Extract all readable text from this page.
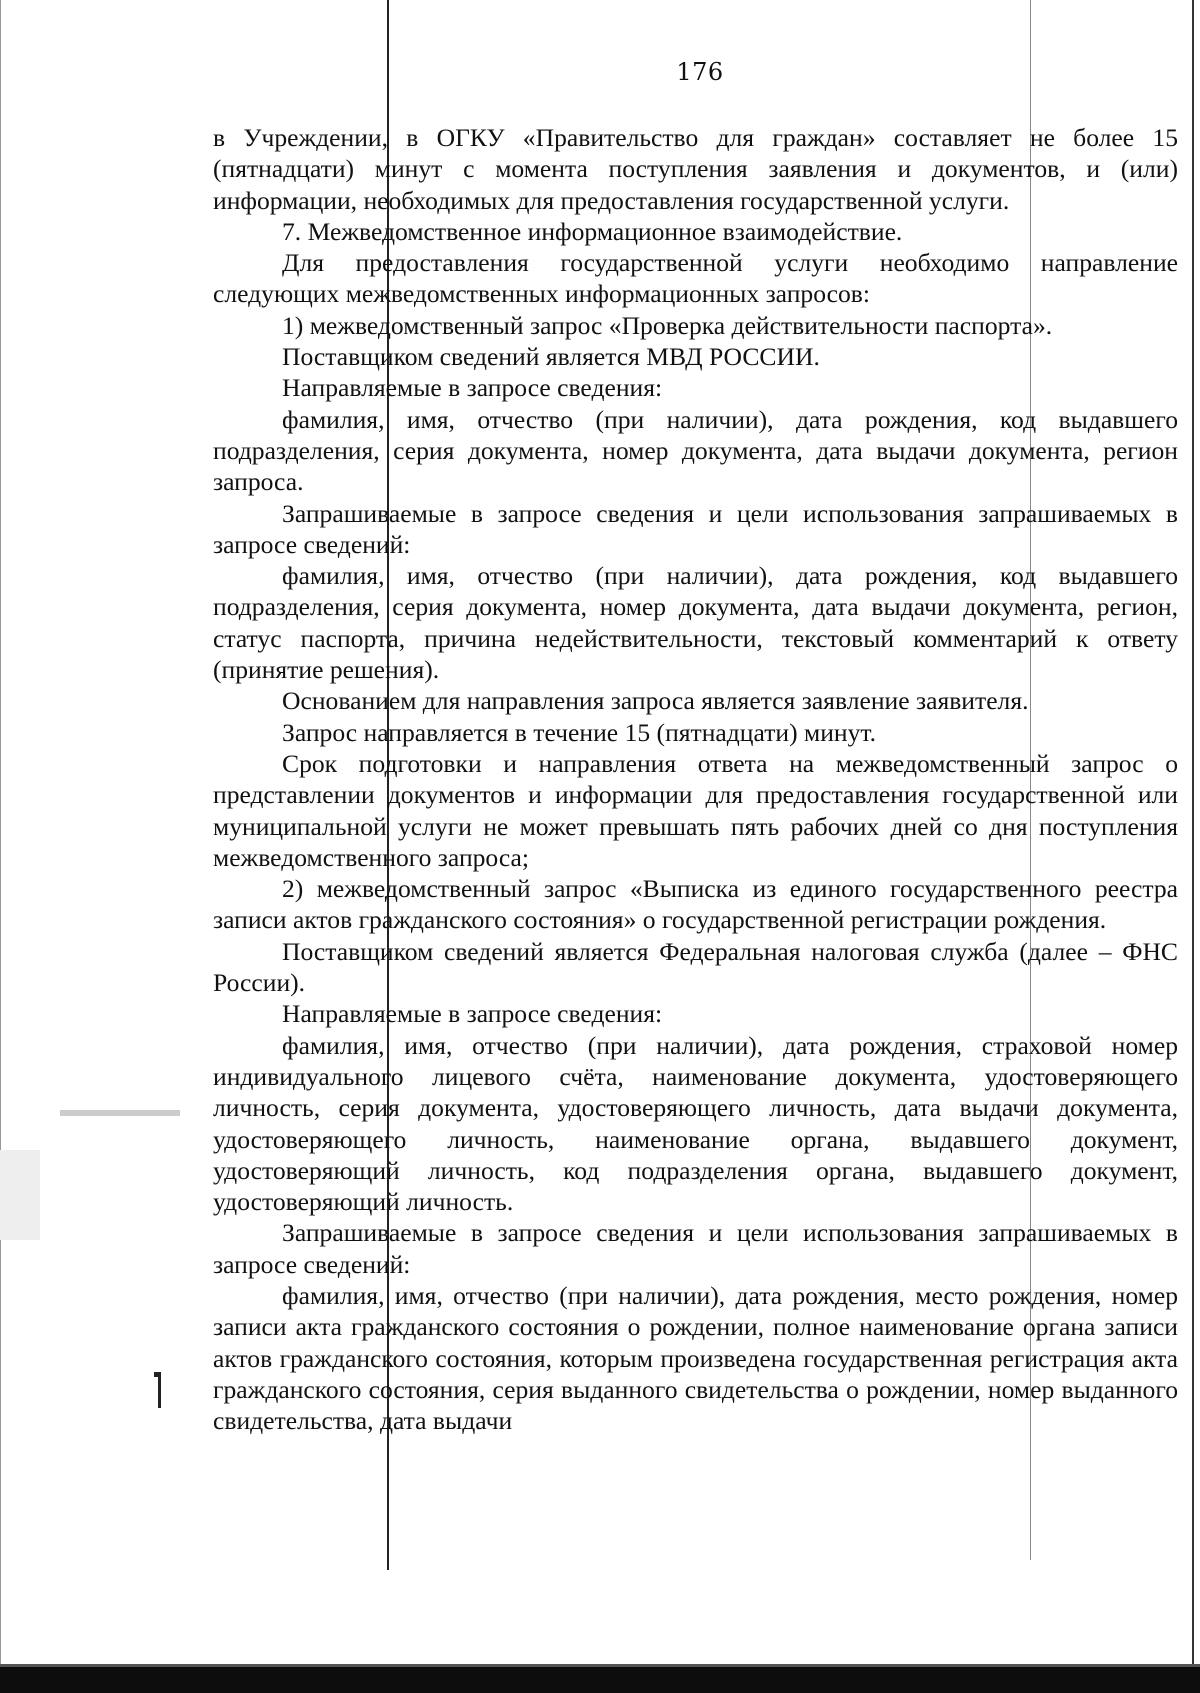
176

в Учреждении, в ОГКУ «Правительство для граждан» составляет не более 15 (пятнадцати) минут с момента поступления заявления и документов, и (или) информации, необходимых для предоставления государственной услуги.

7. Межведомственное информационное взаимодействие.

Для предоставления государственной услуги необходимо направление следующих межведомственных информационных запросов:

1) межведомственный запрос «Проверка действительности паспорта».

Поставщиком сведений является МВД РОССИИ.

Направляемые в запросе сведения:

фамилия, имя, отчество (при наличии), дата рождения, код выдавшего подразделения, серия документа, номер документа, дата выдачи документа, регион запроса.

Запрашиваемые в запросе сведения и цели использования запрашиваемых в запросе сведений:

фамилия, имя, отчество (при наличии), дата рождения, код выдавшего подразделения, серия документа, номер документа, дата выдачи документа, регион, статус паспорта, причина недействительности, текстовый комментарий к ответу (принятие решения).

Основанием для направления запроса является заявление заявителя.

Запрос направляется в течение 15 (пятнадцати) минут.

Срок подготовки и направления ответа на межведомственный запрос о представлении документов и информации для предоставления государственной или муниципальной услуги не может превышать пять рабочих дней со дня поступления межведомственного запроса;

2) межведомственный запрос «Выписка из единого государственного реестра записи актов гражданского состояния» о государственной регистрации рождения.

Поставщиком сведений является Федеральная налоговая служба (далее – ФНС России).

Направляемые в запросе сведения:

фамилия, имя, отчество (при наличии), дата рождения, страховой номер индивидуального лицевого счёта, наименование документа, удостоверяющего личность, серия документа, удостоверяющего личность, дата выдачи документа, удостоверяющего личность, наименование органа, выдавшего документ, удостоверяющий личность, код подразделения органа, выдавшего документ, удостоверяющий личность.

Запрашиваемые в запросе сведения и цели использования запрашиваемых в запросе сведений:

фамилия, имя, отчество (при наличии), дата рождения, место рождения, номер записи акта гражданского состояния о рождении, полное наименование органа записи актов гражданского состояния, которым произведена государственная регистрация акта гражданского состояния, серия выданного свидетельства о рождении, номер выданного свидетельства, дата выдачи
